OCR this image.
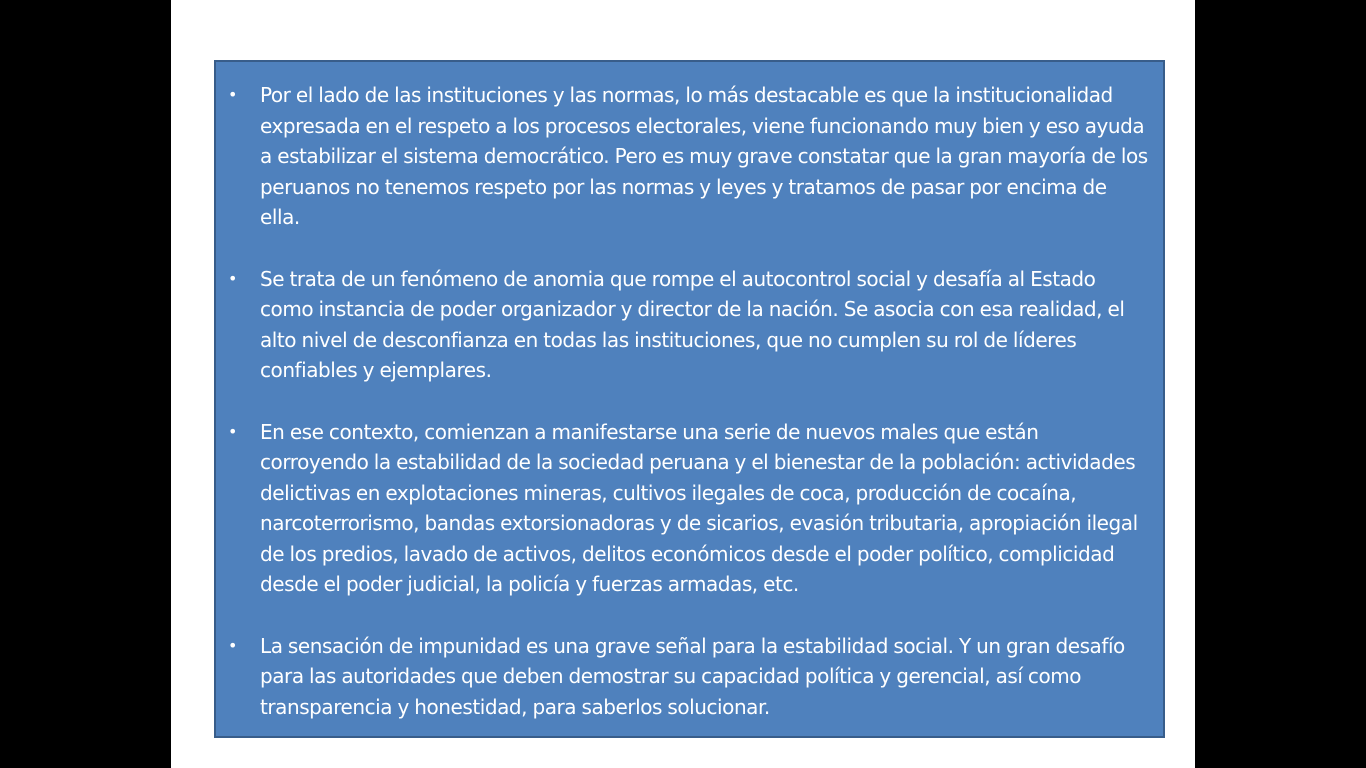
•	Por el lado de las instituciones y las normas, lo más destacable es que la institucionalidad expresada en el respeto a los procesos electorales, viene funcionando muy bien y eso ayuda a estabilizar el sistema democrático. Pero es muy grave constatar que la gran mayoría de los peruanos no tenemos respeto por las normas y leyes y tratamos de pasar por encima de ella.
•	Se trata de un fenómeno de anomia que rompe el autocontrol social y desafía al Estado como instancia de poder organizador y director de la nación. Se asocia con esa realidad, el alto nivel de desconfianza en todas las instituciones, que no cumplen su rol de líderes confiables y ejemplares.
•	En ese contexto, comienzan a manifestarse una serie de nuevos males que están corroyendo la estabilidad de la sociedad peruana y el bienestar de la población: actividades delictivas en explotaciones mineras, cultivos ilegales de coca, producción de cocaína, narcoterrorismo, bandas extorsionadoras y de sicarios, evasión tributaria, apropiación ilegal de los predios, lavado de activos, delitos económicos desde el poder político, complicidad desde el poder judicial, la policía y fuerzas armadas, etc.
•	La sensación de impunidad es una grave señal para la estabilidad social. Y un gran desafío para las autoridades que deben demostrar su capacidad política y gerencial, así como transparencia y honestidad, para saberlos solucionar.
